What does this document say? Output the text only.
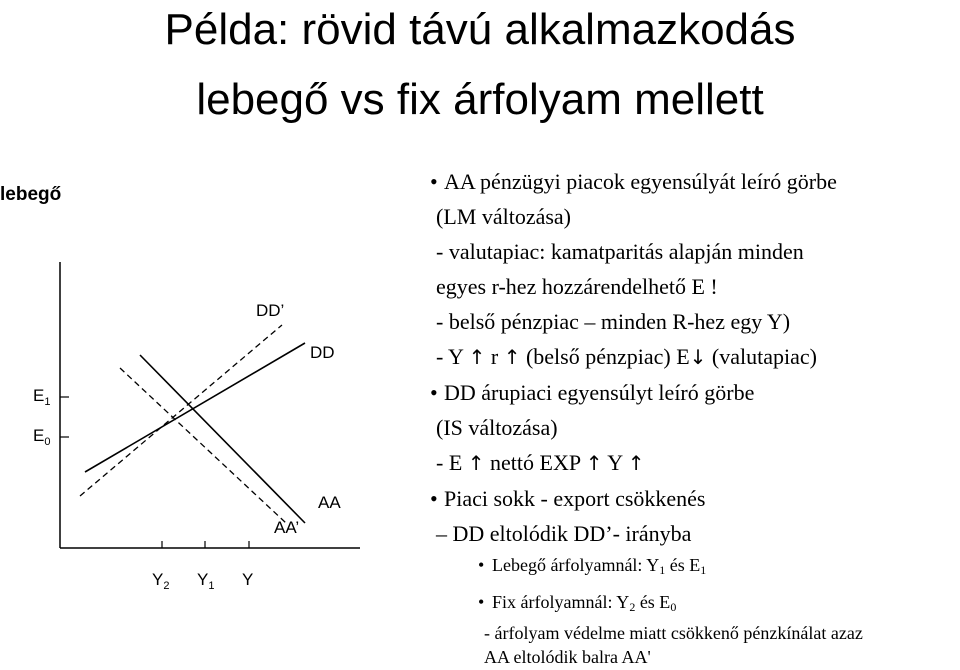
Példa: rövid távú alkalmazkodás
lebegő vs fix árfolyam mellett
lebegő
DD’
DD
AA
AA’
$E_1$
$E_0$
$Y_2$ $Y_1$ Y
• AA pénzügyi piacok egyensúlyát leíró görbe
(LM változása)
- valutapiac: kamatparitás alapján minden
egyes r-hez hozzárendelhető E !
- belső pénzpiac – minden R-hez egy Y)
- Y ↑ r ↑ (belső pénzpiac) E↓ (valutapiac)
• DD árupiaci egyensúlyt leíró görbe
(IS változása)
- E ↑ nettó EXP ↑ Y ↑
• Piaci sokk - export csökkenés
– DD eltolódik DD’- irányba
• Lebegő árfolyamnál: $Y_1$ és $E_1$
• Fix árfolyamnál: $Y_2$ és $E_0$
- árfolyam védelme miatt csökkenő pénzkínálat azaz
AA eltolódik balra AA'
